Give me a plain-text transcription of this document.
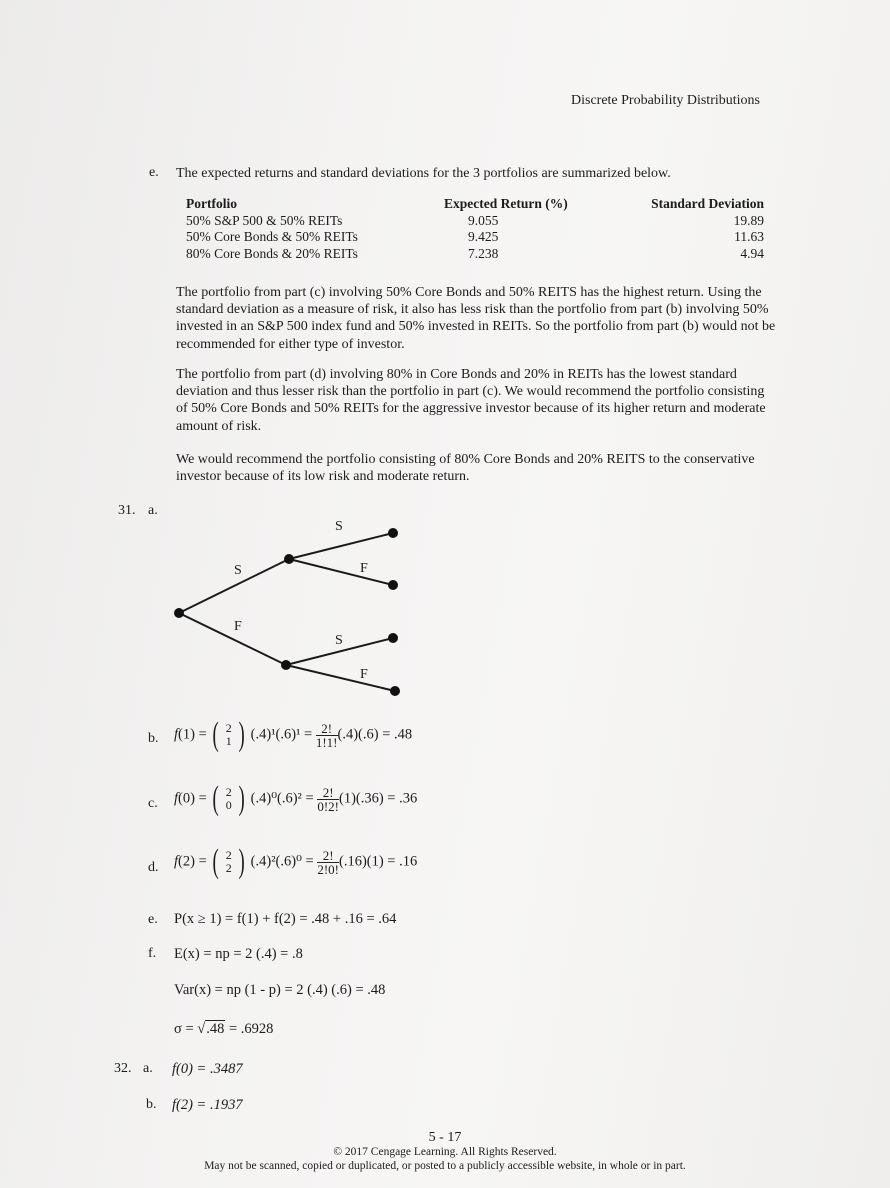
Discrete Probability Distributions
e. The expected returns and standard deviations for the 3 portfolios are summarized below.
Portfolio	Expected Return (%)	Standard Deviation
50% S&P 500 & 50% REITs	9.055	19.89
50% Core Bonds & 50% REITs	9.425	11.63
80% Core Bonds & 20% REITs	7.238	4.94
The portfolio from part (c) involving 50% Core Bonds and 50% REITS has the highest return. Using the standard deviation as a measure of risk, it also has less risk than the portfolio from part (b) involving 50% invested in an S&P 500 index fund and 50% invested in REITs. So the portfolio from part (b) would not be recommended for either type of investor.
The portfolio from part (d) involving 80% in Core Bonds and 20% in REITs has the lowest standard deviation and thus lesser risk than the portfolio in part (c). We would recommend the portfolio consisting of 50% Core Bonds and 50% REITs for the aggressive investor because of its higher return and moderate amount of risk.
We would recommend the portfolio consisting of 80% Core Bonds and 20% REITS to the conservative investor because of its low risk and moderate return.
31. a.
S
F
S
F
S
F
b. f(1) = ( 2
1 ) $(.4)^1(.6)^1 = \frac{2!}{1!1!} (.4)(.6) = .48$
c. f(0) = ( 2
0 ) $(.4)^0(.6)^2 = \frac{2!}{0!2!} (1)(.36) = .36$
d. f(2) = ( 2
2 ) $(.4)^2(.6)^0 = \frac{2!}{2!0!} (.16)(1) = .16$
e. P(x ≥ 1) = f(1) + f(2) = .48 + .16 = .64
f. E(x) = np = 2 (.4) = .8
Var(x) = np (1 - p) = 2 (.4) (.6) = .48
σ = √.48 = .6928
32. a. f(0) = .3487
b. f(2) = .1937
5 - 17
© 2017 Cengage Learning. All Rights Reserved.
May not be scanned, copied or duplicated, or posted to a publicly accessible website, in whole or in part.
